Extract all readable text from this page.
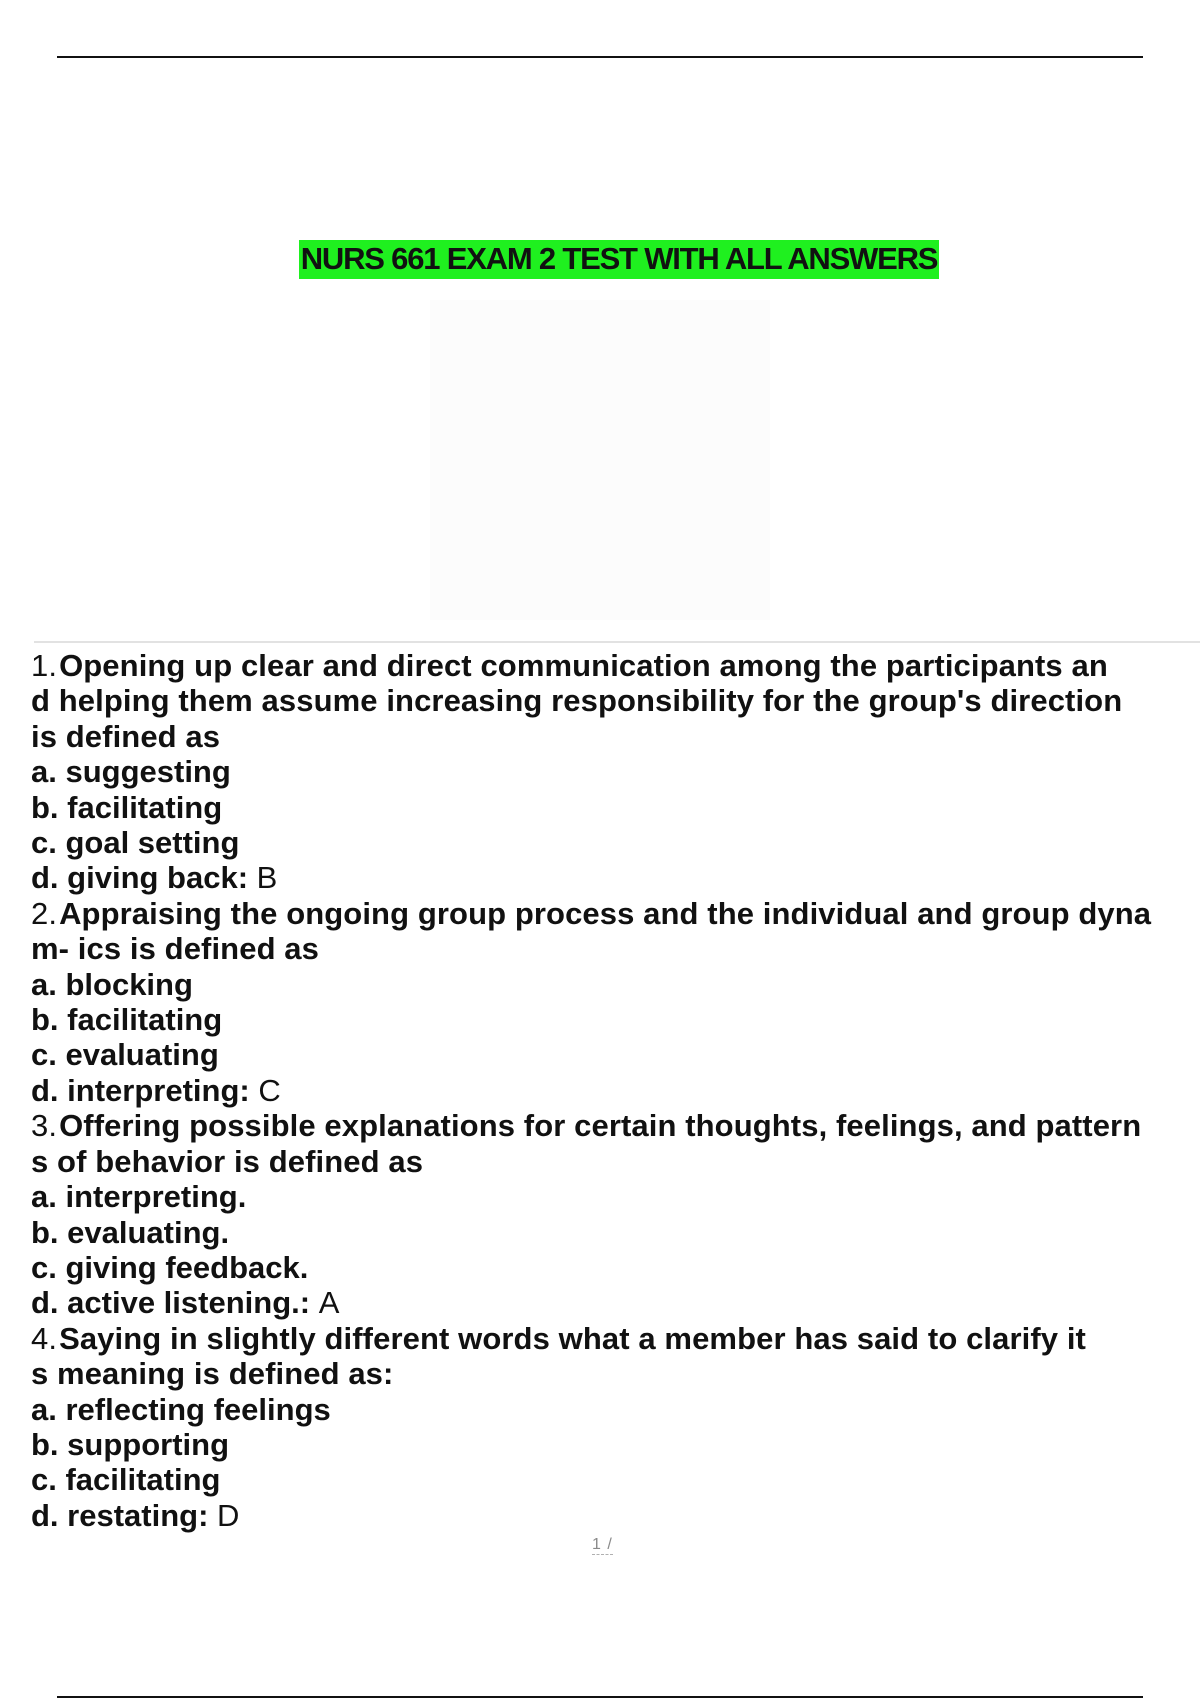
NURS 661 EXAM 2 TEST WITH ALL ANSWERS
1.Opening up clear and direct communication among the participants an
d helping them assume increasing responsibility for the group's direction
is defined as
a. suggesting
b. facilitating
c. goal setting
d. giving back: B
2.Appraising the ongoing group process and the individual and group dyna
m- ics is defined as
a. blocking
b. facilitating
c. evaluating
d. interpreting: C
3.Offering possible explanations for certain thoughts, feelings, and pattern
s of behavior is defined as
a. interpreting.
b. evaluating.
c. giving feedback.
d. active listening.: A
4.Saying in slightly different words what a member has said to clarify it
s meaning is defined as:
a. reflecting feelings
b. supporting
c. facilitating
d. restating: D
1 /
